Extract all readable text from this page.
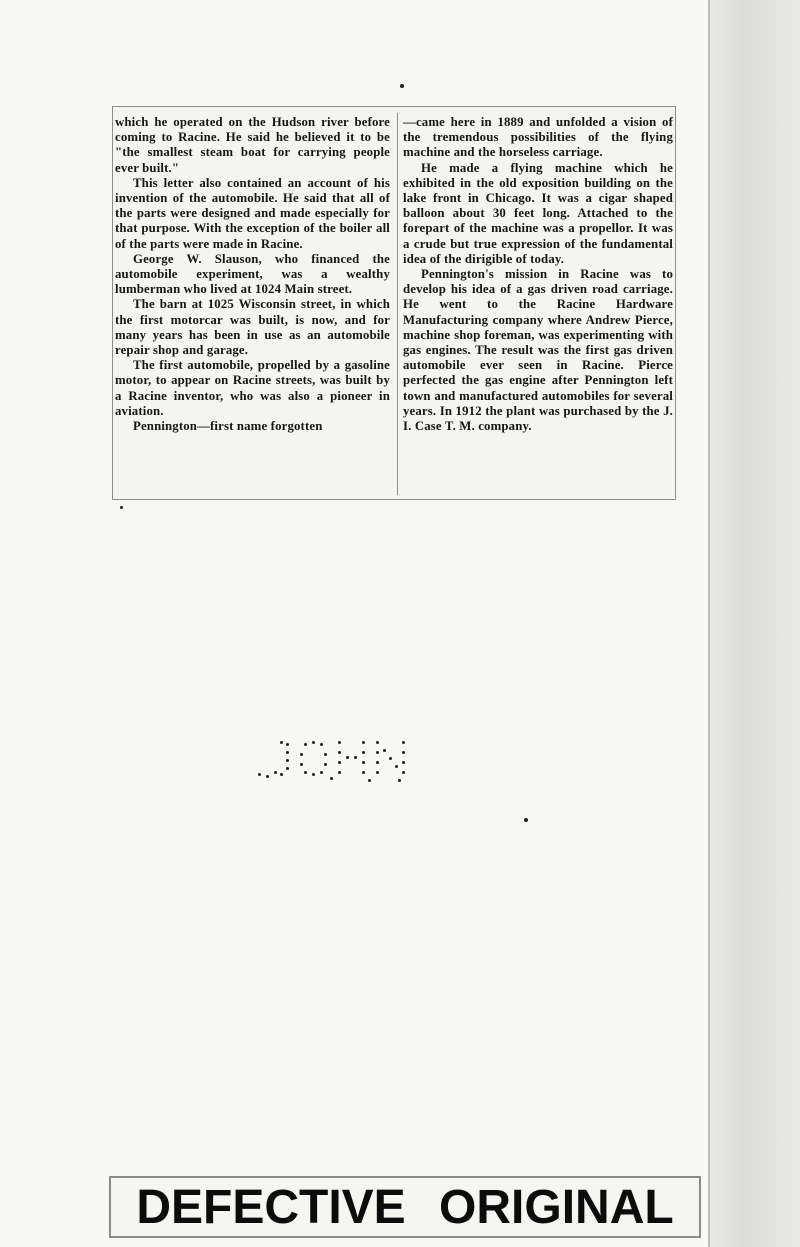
which he operated on the Hudson river before coming to Racine. He said he believed it to be "the smallest steam boat for carrying people ever built."

This letter also contained an account of his invention of the automobile. He said that all of the parts were designed and made especially for that purpose. With the exception of the boiler all of the parts were made in Racine.

George W. Slauson, who financed the automobile experiment, was a wealthy lumberman who lived at 1024 Main street.

The barn at 1025 Wisconsin street, in which the first motorcar was built, is now, and for many years has been in use as an automobile repair shop and garage.

The first automobile, propelled by a gasoline motor, to appear on Racine streets, was built by a Racine inventor, who was also a pioneer in aviation.

Pennington—first name forgotten

—came here in 1889 and unfolded a vision of the tremendous possibilities of the flying machine and the horseless carriage.

He made a flying machine which he exhibited in the old exposition building on the lake front in Chicago. It was a cigar shaped balloon about 30 feet long. Attached to the forepart of the machine was a propellor. It was a crude but true expression of the fundamental idea of the dirigible of today.

Pennington's mission in Racine was to develop his idea of a gas driven road carriage. He went to the Racine Hardware Manufacturing company where Andrew Pierce, machine shop foreman, was experimenting with gas engines. The result was the first gas driven automobile ever seen in Racine. Pierce perfected the gas engine after Pennington left town and manufactured automobiles for several years. In 1912 the plant was purchased by the J. I. Case T. M. company.

DEFECTIVE ORIGINAL
